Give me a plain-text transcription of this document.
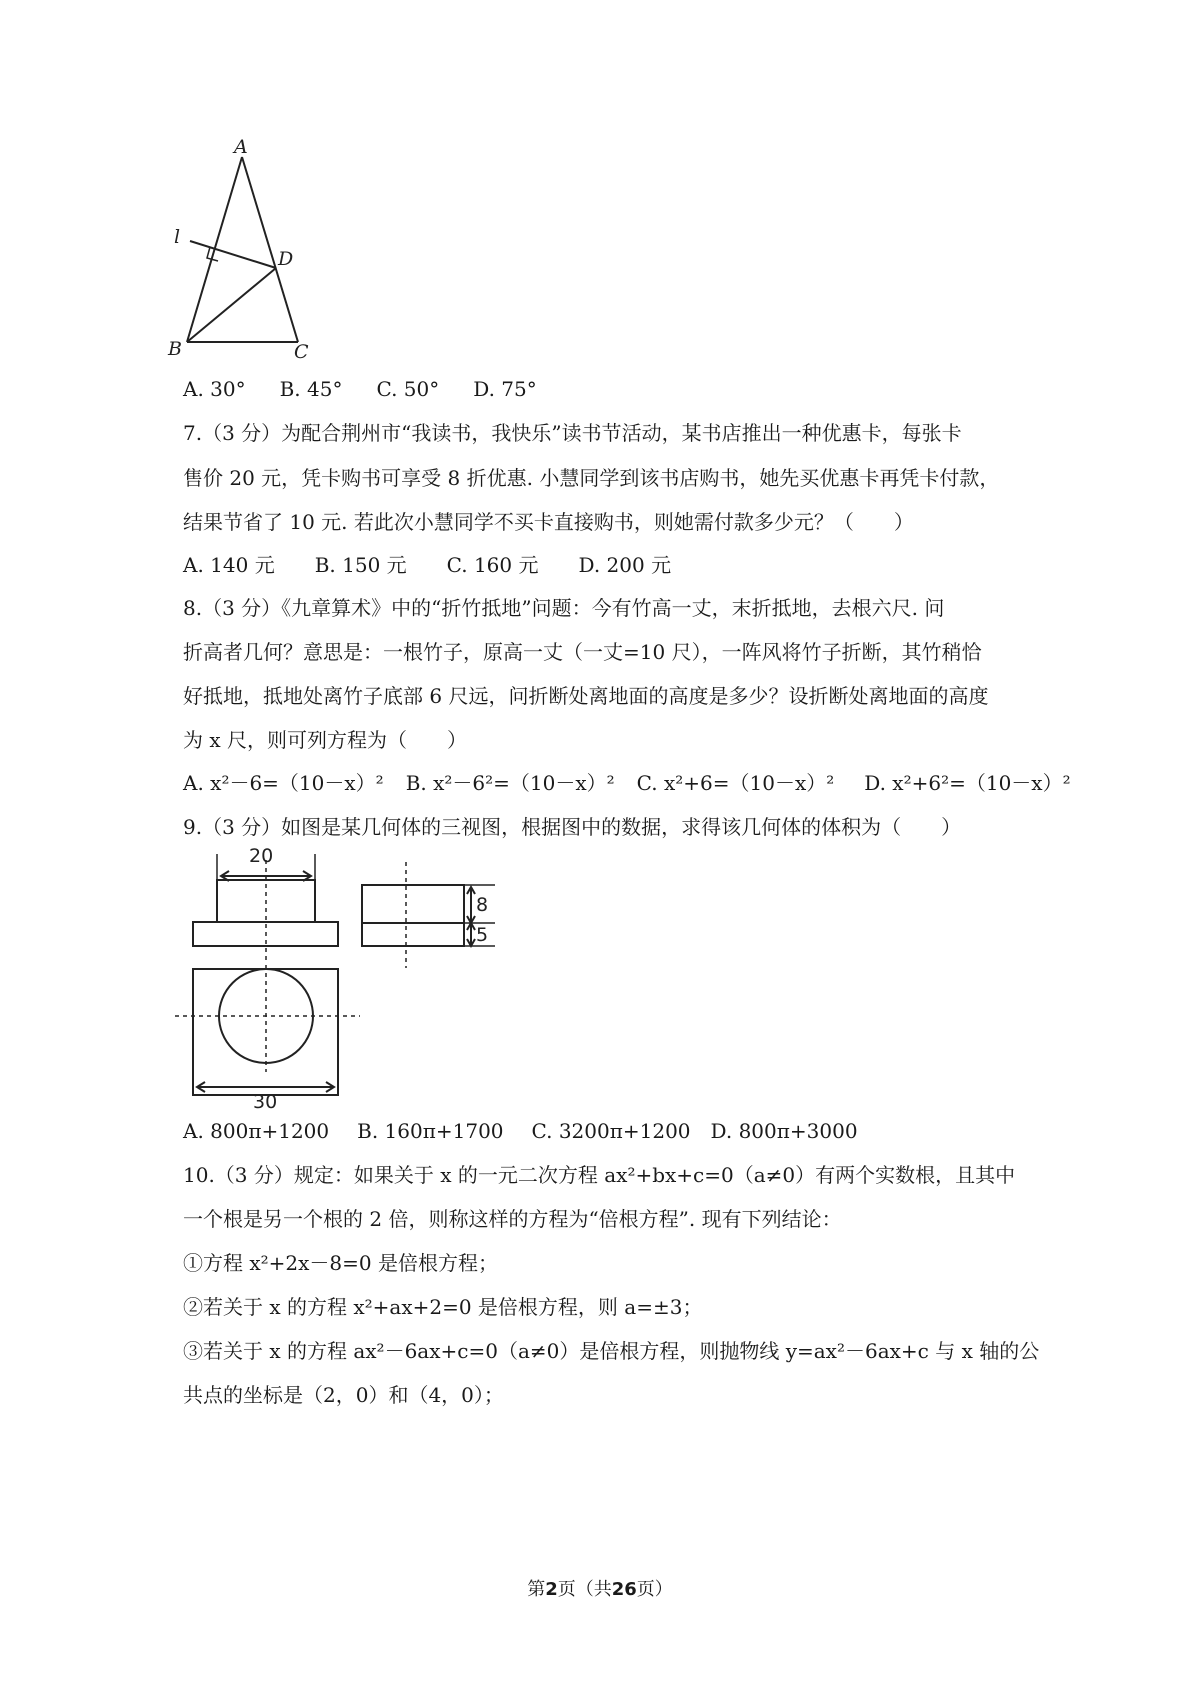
A
B	C
D
l
A. 30° B. 45° C. 50° D. 75°
7.（3 分）为配合荆州市“我读书，我快乐”读书节活动，某书店推出一种优惠卡，每张卡
售价 20 元，凭卡购书可享受 8 折优惠. 小慧同学到该书店购书，她先买优惠卡再凭卡付款，
结果节省了 10 元. 若此次小慧同学不买卡直接购书，则她需付款多少元？（　　）
A. 140 元 B. 150 元 C. 160 元 D. 200 元
8.（3 分）《九章算术》中的“折竹抵地”问题：今有竹高一丈，末折抵地，去根六尺. 问
折高者几何？意思是：一根竹子，原高一丈（一丈=10 尺），一阵风将竹子折断，其竹稍恰
好抵地，抵地处离竹子底部 6 尺远，问折断处离地面的高度是多少？设折断处离地面的高度
为 x 尺，则可列方程为（　　）
A. x²－6=（10－x）² B. x²－6²=（10－x）² C. x²+6=（10－x）² D. x²+6²=（10－x）²
9.（3 分）如图是某几何体的三视图，根据图中的数据，求得该几何体的体积为（　　）
20
8
5
30
A. 800π+1200 B. 160π+1700 C. 3200π+1200 D. 800π+3000
10.（3 分）规定：如果关于 x 的一元二次方程 ax²+bx+c=0（a≠0）有两个实数根，且其中
一个根是另一个根的 2 倍，则称这样的方程为“倍根方程”. 现有下列结论：
①方程 x²+2x－8=0 是倍根方程；
②若关于 x 的方程 x²+ax+2=0 是倍根方程，则 a=±3；
③若关于 x 的方程 ax²－6ax+c=0（a≠0）是倍根方程，则抛物线 y=ax²－6ax+c 与 x 轴的公
共点的坐标是（2，0）和（4，0）；
第2页（共26页）
